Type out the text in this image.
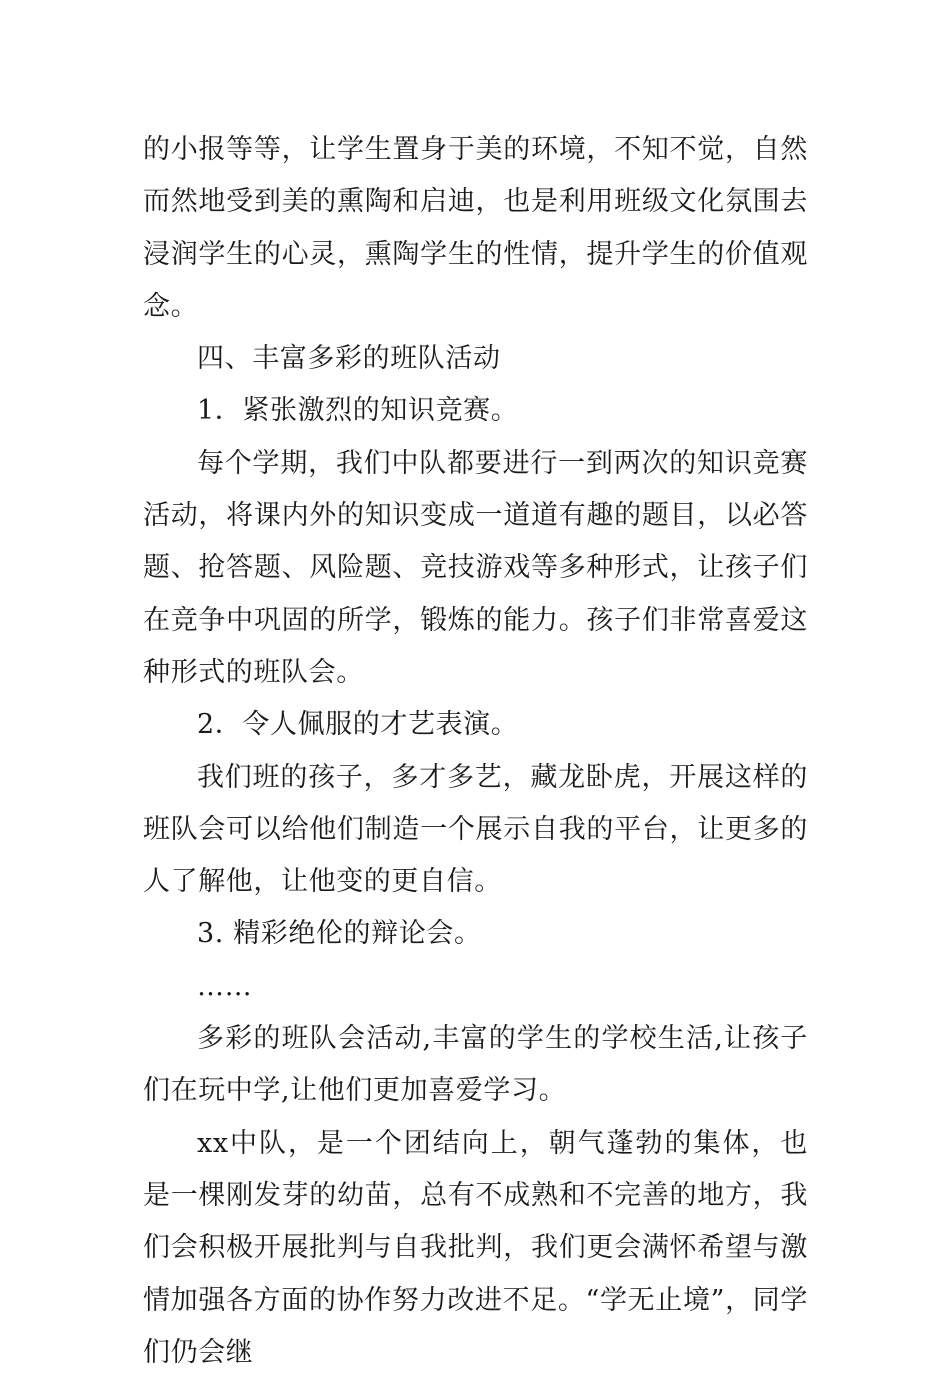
的小报等等，让学生置身于美的环境，不知不觉，自然而然地受到美的熏陶和启迪，也是利用班级文化氛围去浸润学生的心灵，熏陶学生的性情，提升学生的价值观念。

四、丰富多彩的班队活动

1．紧张激烈的知识竞赛。

每个学期，我们中队都要进行一到两次的知识竞赛活动，将课内外的知识变成一道道有趣的题目，以必答题、抢答题、风险题、竞技游戏等多种形式，让孩子们在竞争中巩固的所学，锻炼的能力。孩子们非常喜爱这种形式的班队会。

2．令人佩服的才艺表演。

我们班的孩子，多才多艺，藏龙卧虎，开展这样的班队会可以给他们制造一个展示自我的平台，让更多的人了解他，让他变的更自信。

3. 精彩绝伦的辩论会。

……

多彩的班队会活动,丰富的学生的学校生活,让孩子们在玩中学,让他们更加喜爱学习。

xx中队，是一个团结向上，朝气蓬勃的集体，也是一棵刚发芽的幼苗，总有不成熟和不完善的地方，我们会积极开展批判与自我批判，我们更会满怀希望与激情加强各方面的协作努力改进不足。“学无止境”，同学们仍会继
